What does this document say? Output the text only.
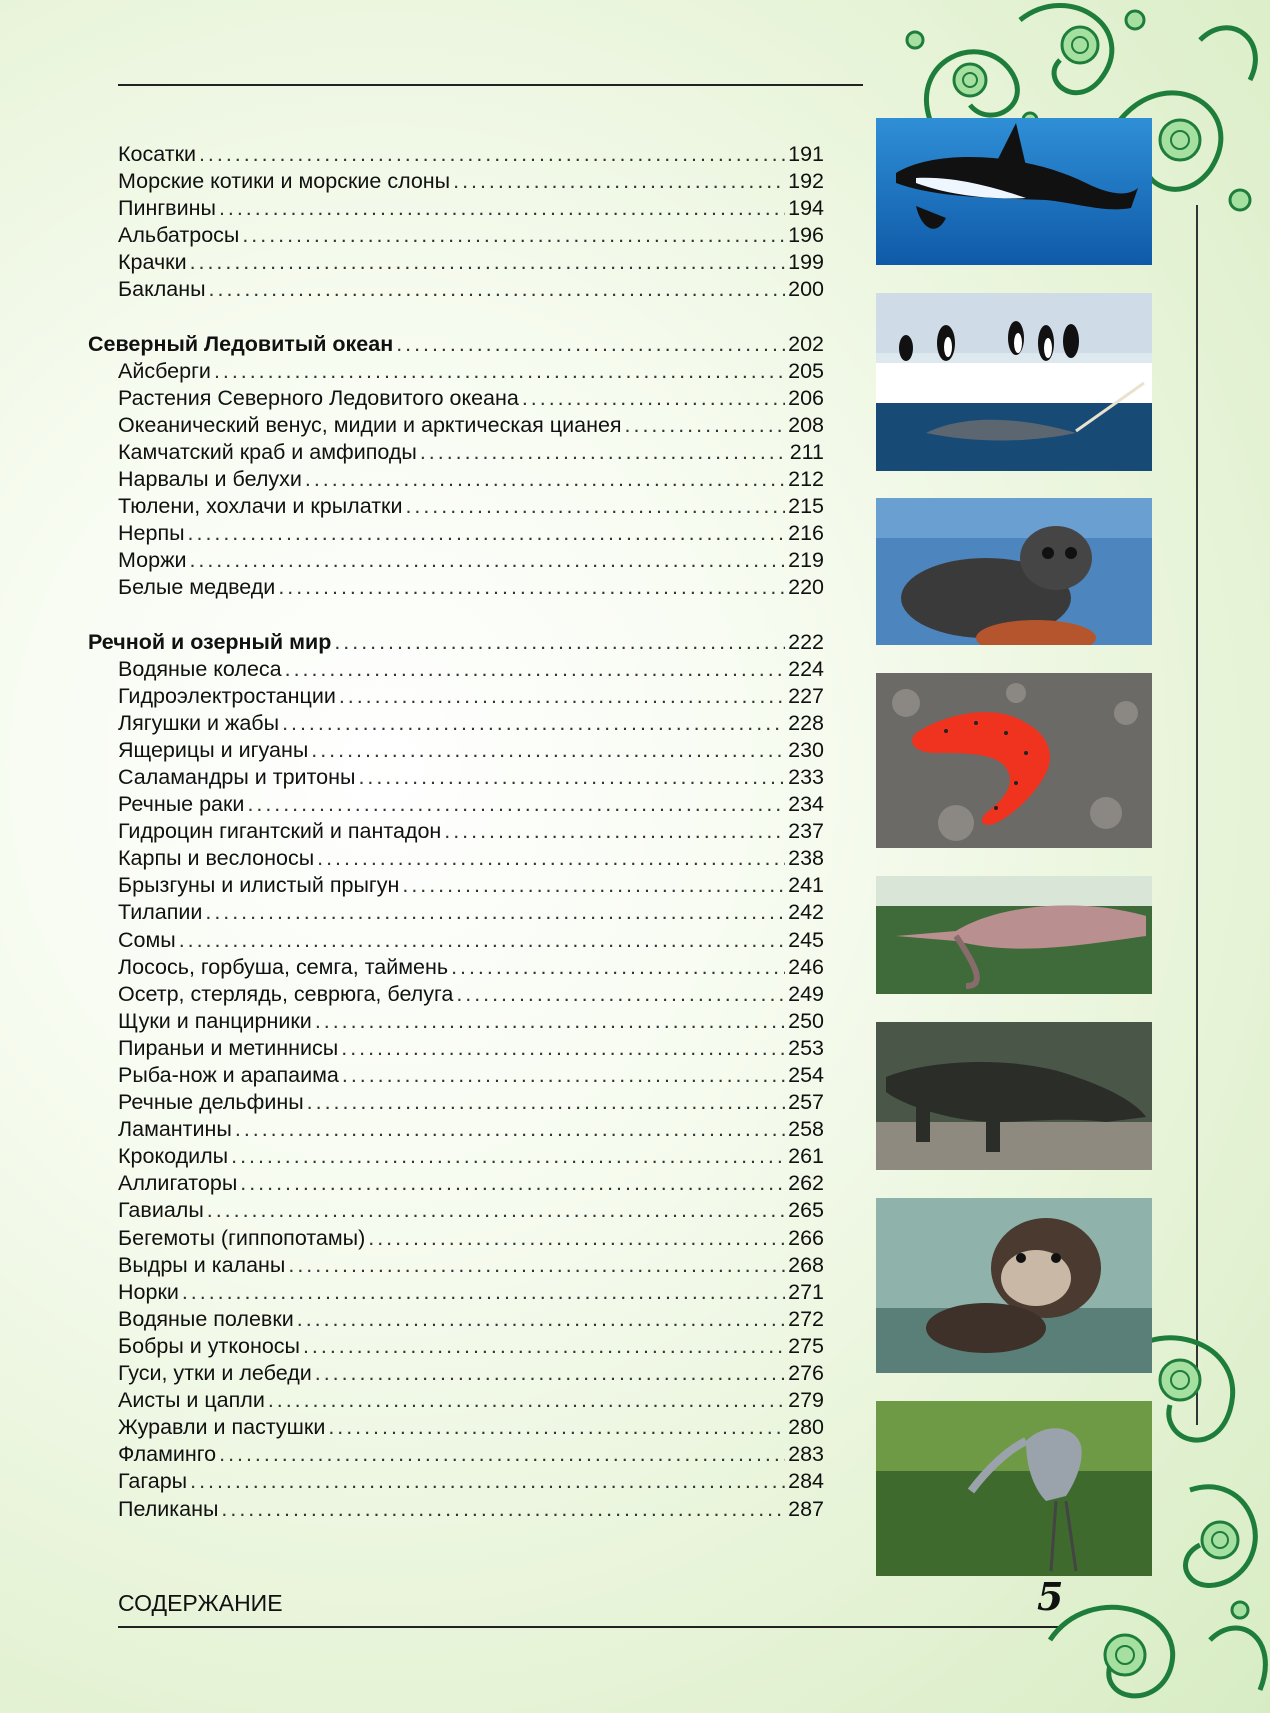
Косатки . . .	191
Морские котики и морские слоны . . .	192
Пингвины . . .	194
Альбатросы . . .	196
Крачки . . .	199
Бакланы . . .	200
Северный Ледовитый океан . . .	202
Айсберги . . .	205
Растения Северного Ледовитого океана . . .	206
Океанический венус, мидии и арктическая цианея . . .	208
Камчатский краб и амфиподы . . .	211
Нарвалы и белухи . . .	212
Тюлени, хохлачи и крылатки . . .	215
Нерпы . . .	216
Моржи . . .	219
Белые медведи . . .	220
Речной и озерный мир . . .	222
Водяные колеса . . .	224
Гидроэлектростанции . . .	227
Лягушки и жабы . . .	228
Ящерицы и игуаны . . .	230
Саламандры и тритоны . . .	233
Речные раки . . .	234
Гидроцин гигантский и пантадон . . .	237
Карпы и веслоносы . . .	238
Брызгуны и илистый прыгун . . .	241
Тилапии . . .	242
Сомы . . .	245
Лосось, горбуша, семга, таймень . . .	246
Осетр, стерлядь, севрюга, белуга . . .	249
Щуки и панцирники . . .	250
Пираньи и метиннисы . . .	253
Рыба-нож и арапаима . . .	254
Речные дельфины . . .	257
Ламантины . . .	258
Крокодилы . . .	261
Аллигаторы . . .	262
Гавиалы . . .	265
Бегемоты (гиппопотамы) . . .	266
Выдры и каланы . . .	268
Норки . . .	271
Водяные полевки . . .	272
Бобры и утконосы . . .	275
Гуси, утки и лебеди . . .	276
Аисты и цапли . . .	279
Журавли и пастушки . . .	280
Фламинго . . .	283
Гагары . . .	284
Пеликаны . . .	287
СОДЕРЖАНИЕ	5
